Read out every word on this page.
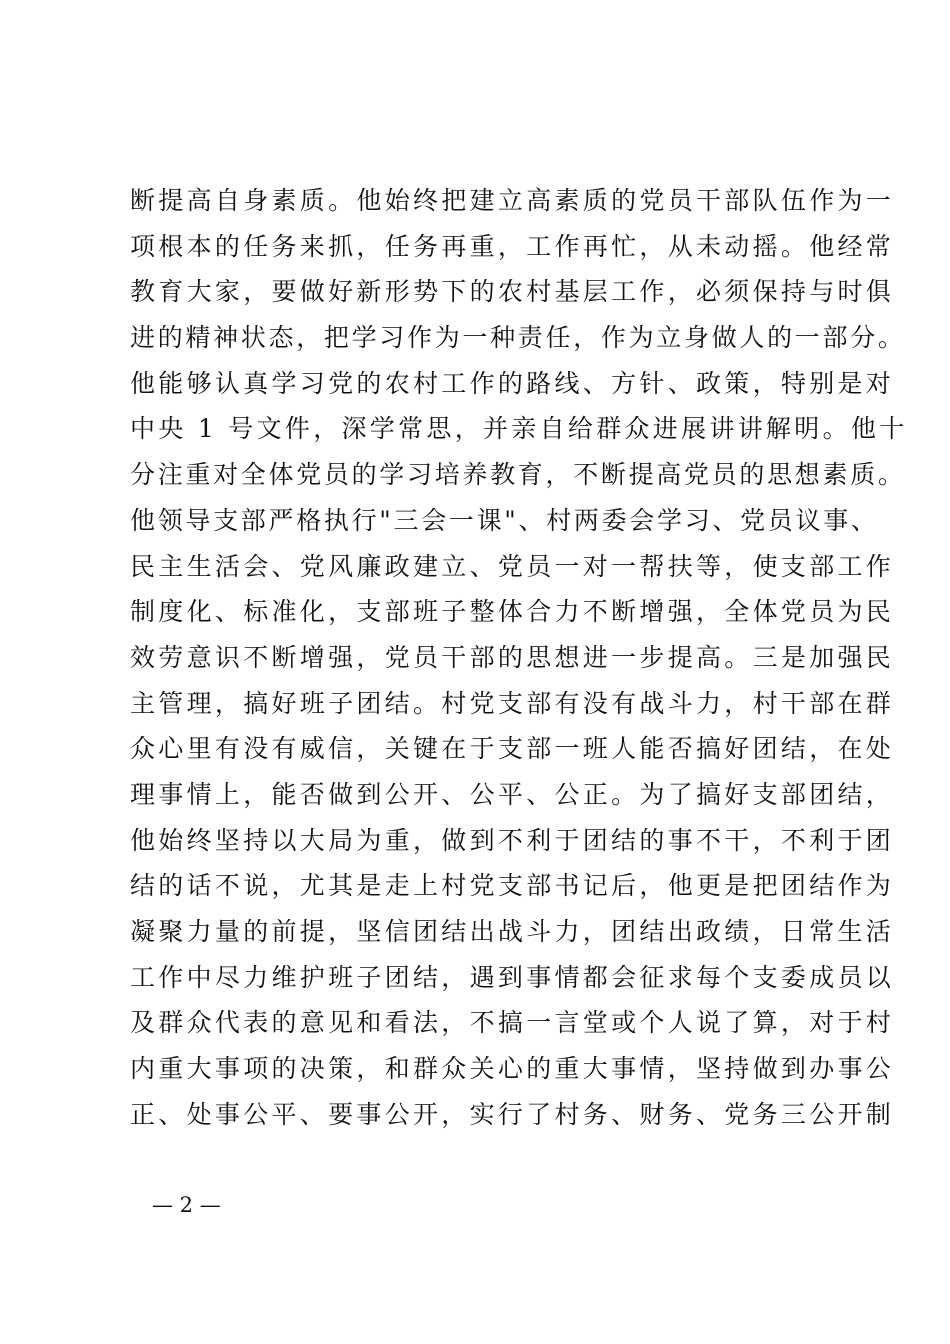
断提高自身素质。他始终把建立高素质的党员干部队伍作为一
项根本的任务来抓，任务再重，工作再忙，从未动摇。他经常
教育大家，要做好新形势下的农村基层工作，必须保持与时俱
进的精神状态，把学习作为一种责任，作为立身做人的一部分。
他能够认真学习党的农村工作的路线、方针、政策，特别是对
中央 1 号文件，深学常思，并亲自给群众进展讲讲解明。他十
分注重对全体党员的学习培养教育，不断提高党员的思想素质。
他领导支部严格执行"三会一课"、村两委会学习、党员议事、
民主生活会、党风廉政建立、党员一对一帮扶等，使支部工作
制度化、标准化，支部班子整体合力不断增强，全体党员为民
效劳意识不断增强，党员干部的思想进一步提高。三是加强民
主管理，搞好班子团结。村党支部有没有战斗力，村干部在群
众心里有没有威信，关键在于支部一班人能否搞好团结，在处
理事情上，能否做到公开、公平、公正。为了搞好支部团结，
他始终坚持以大局为重，做到不利于团结的事不干，不利于团
结的话不说，尤其是走上村党支部书记后，他更是把团结作为
凝聚力量的前提，坚信团结出战斗力，团结出政绩，日常生活
工作中尽力维护班子团结，遇到事情都会征求每个支委成员以
及群众代表的意见和看法，不搞一言堂或个人说了算，对于村
内重大事项的决策，和群众关心的重大事情，坚持做到办事公
正、处事公平、要事公开，实行了村务、财务、党务三公开制
— 2 —
